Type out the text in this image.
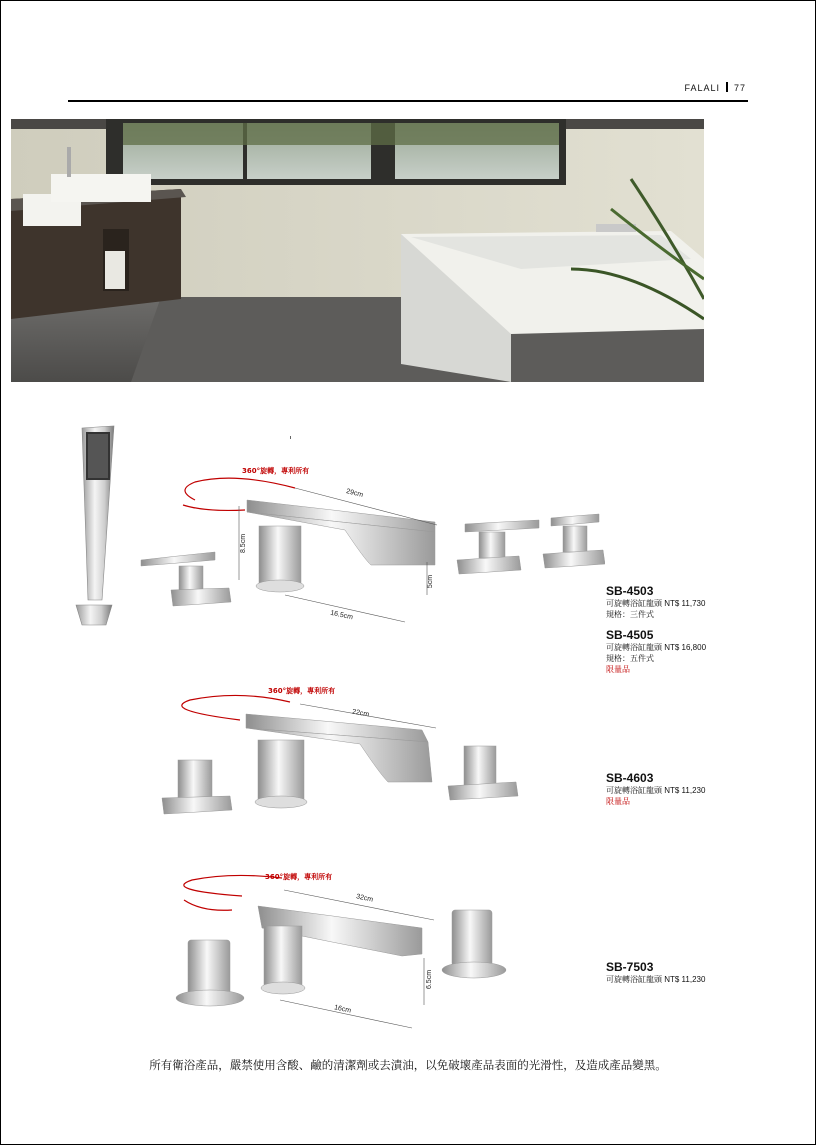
FALALI 77
360°旋轉，專利所有
360°旋轉，專利所有
360°旋轉，專利所有
29cm
16.5cm
8.5cm
5cm
22cm
32cm
16cm
6.5cm
SB-4503
可旋轉浴缸龍頭 NT$ 11,730
規格：三件式
SB-4505
可旋轉浴缸龍頭 NT$ 16,800
規格：五件式
限量品
SB-4603
可旋轉浴缸龍頭 NT$ 11,230
限量品
SB-7503
可旋轉浴缸龍頭 NT$ 11,230
所有衛浴產品，嚴禁使用含酸、鹼的清潔劑或去漬油，以免破壞產品表面的光滑性，及造成產品變黑。
